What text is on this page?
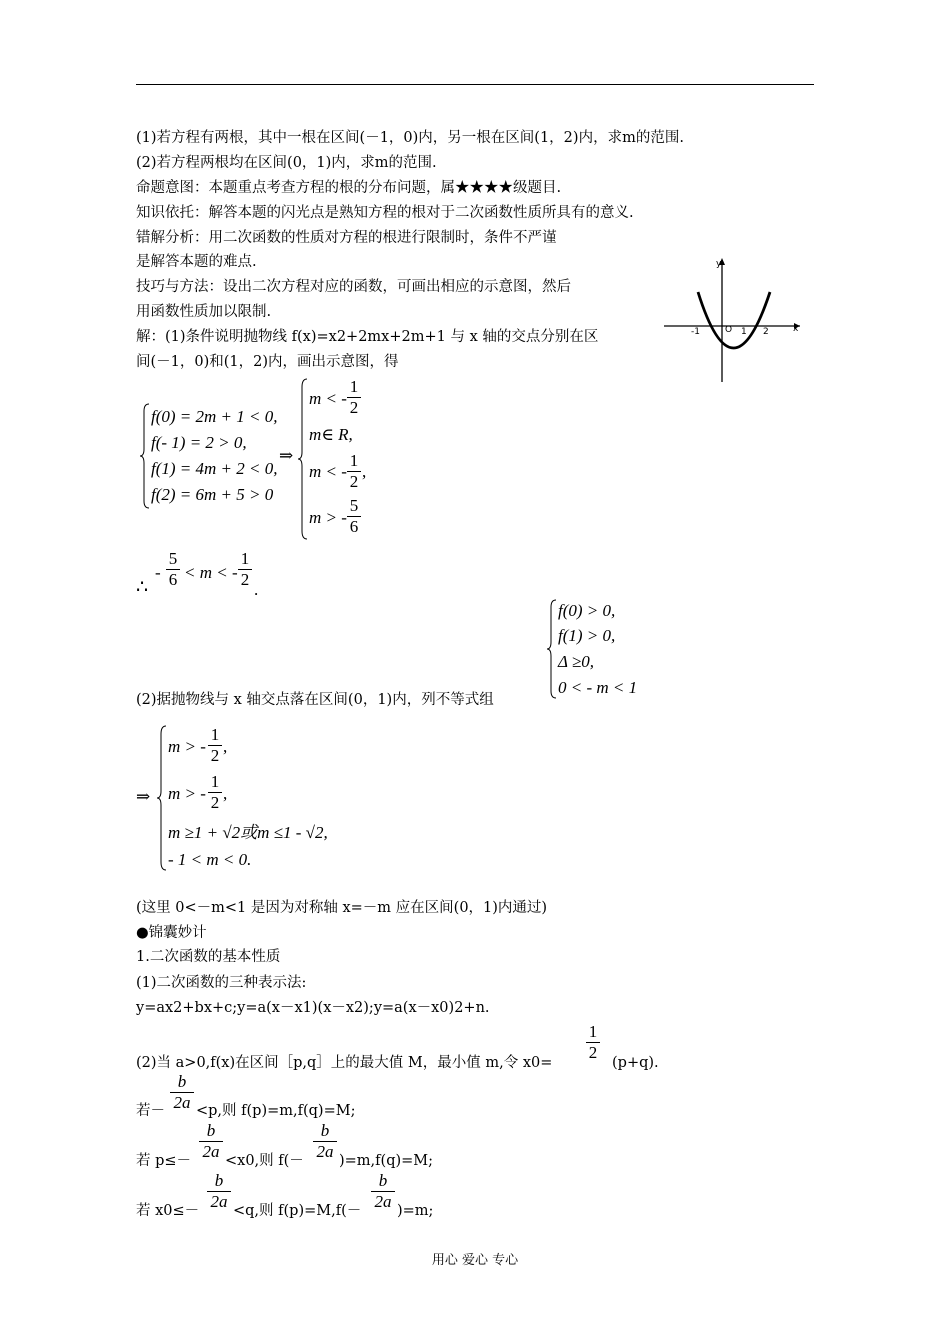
(1)若方程有两根，其中一根在区间(－1，0)内，另一根在区间(1，2)内，求m的范围.
(2)若方程两根均在区间(0，1)内，求m的范围.
命题意图：本题重点考查方程的根的分布问题，属★★★★级题目.
知识依托：解答本题的闪光点是熟知方程的根对于二次函数性质所具有的意义.
错解分析：用二次函数的性质对方程的根进行限制时，条件不严谨
是解答本题的难点.
技巧与方法：设出二次方程对应的函数，可画出相应的示意图，然后
用函数性质加以限制.
解：(1)条件说明抛物线 f(x)=x2+2mx+2m+1 与 x 轴的交点分别在区
间(－1，0)和(1，2)内，画出示意图，得
y
x
-1	O 1 2
f(0) = 2m + 1 < 0,
f(- 1) = 2 > 0,
f(1) = 4m + 2 < 0,
f(2) = 6m + 5 > 0
⇒
m < -
1
2
m∈ R,
m < -
1
2
,
m > -
5
6
∴
-
5
6 < m < -
1
2
.
(2)据抛物线与 x 轴交点落在区间(0，1)内，列不等式组
f(0) > 0,
f(1) > 0,
Δ ≥0,
0 < - m < 1
⇒
m > -
1
2 ,
m > -
1
2 ,
m ≥1 + √2或m ≤1 - √2,
- 1 < m < 0.
(这里 0<－m<1 是因为对称轴 x=－m 应在区间(0，1)内通过)
●锦囊妙计
1.二次函数的基本性质
(1)二次函数的三种表示法:
y=ax2+bx+c;y=a(x－x1)(x－x2);y=a(x－x0)2+n.
(2)当 a>0,f(x)在区间［p,q］上的最大值 M，最小值 m,令 x0=
1
2
(p+q).
若－
b
2a <p,则 f(p)=m,f(q)=M;
若 p≤－
b
2a <x0,则 f(－
b
2a )=m,f(q)=M;
若 x0≤－
b
2a <q,则 f(p)=M,f(－
b
2a )=m;
用心 爱心 专心
